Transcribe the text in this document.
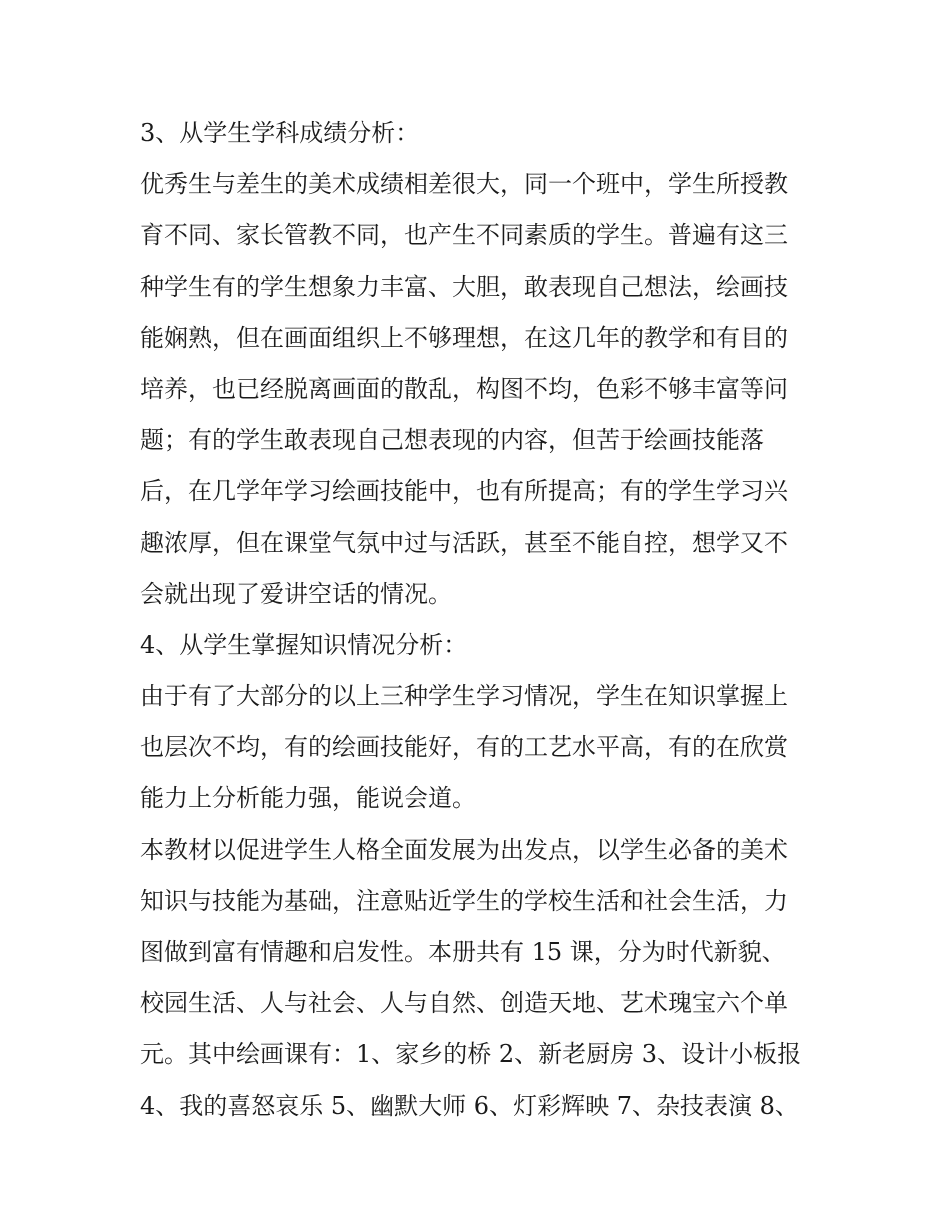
3、从学生学科成绩分析：
优秀生与差生的美术成绩相差很大，同一个班中，学生所授教
育不同、家长管教不同，也产生不同素质的学生。普遍有这三
种学生有的学生想象力丰富、大胆，敢表现自己想法，绘画技
能娴熟，但在画面组织上不够理想，在这几年的教学和有目的
培养，也已经脱离画面的散乱，构图不均，色彩不够丰富等问
题；有的学生敢表现自己想表现的内容，但苦于绘画技能落
后，在几学年学习绘画技能中，也有所提高；有的学生学习兴
趣浓厚，但在课堂气氛中过与活跃，甚至不能自控，想学又不
会就出现了爱讲空话的情况。
4、从学生掌握知识情况分析：
由于有了大部分的以上三种学生学习情况，学生在知识掌握上
也层次不均，有的绘画技能好，有的工艺水平高，有的在欣赏
能力上分析能力强，能说会道。
本教材以促进学生人格全面发展为出发点，以学生必备的美术
知识与技能为基础，注意贴近学生的学校生活和社会生活，力
图做到富有情趣和启发性。本册共有 15 课，分为时代新貌、
校园生活、人与社会、人与自然、创造天地、艺术瑰宝六个单
元。其中绘画课有：1、家乡的桥 2、新老厨房 3、设计小板报
4、我的喜怒哀乐 5、幽默大师 6、灯彩辉映 7、杂技表演 8、
